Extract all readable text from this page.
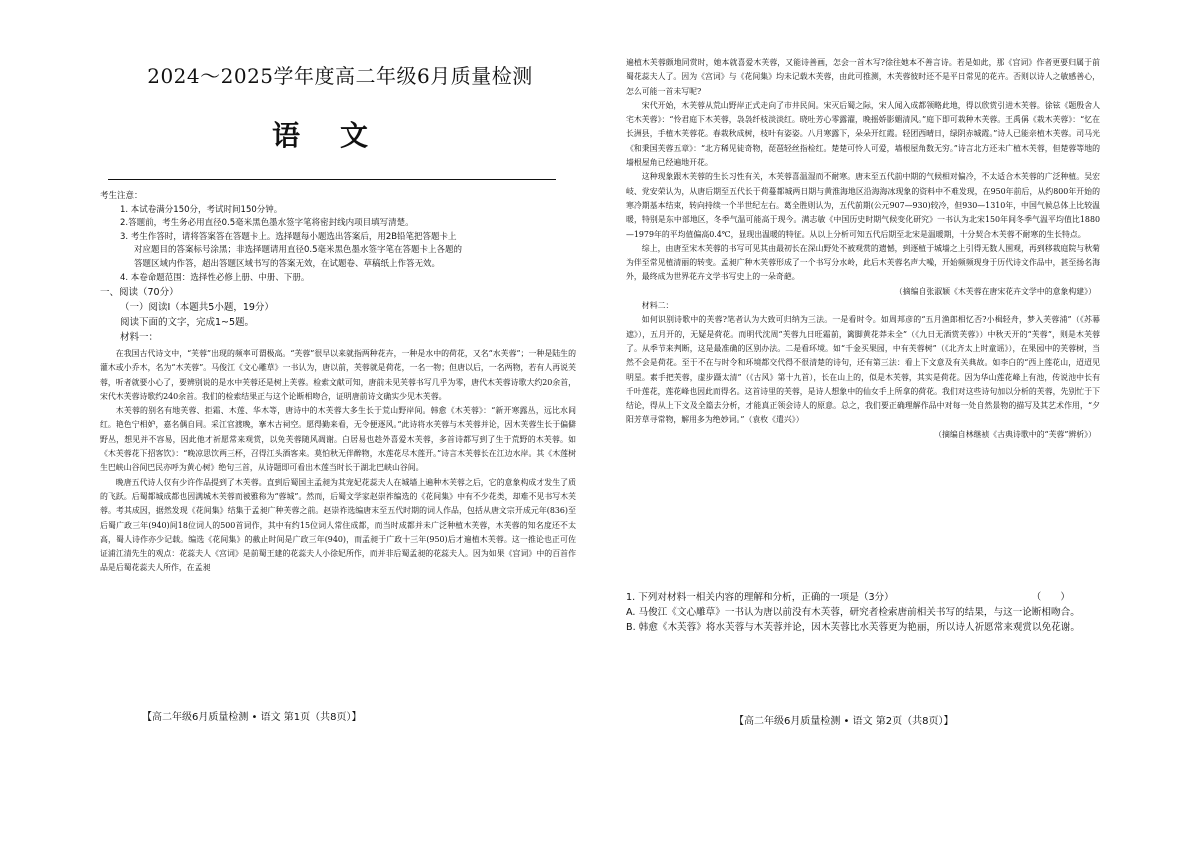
2024～2025学年度高二年级6月质量检测
语文
考生注意：
1. 本试卷满分150分，考试时间150分钟。
2.答题前，考生务必用直径0.5毫米黑色墨水签字笔将密封线内项目填写清楚。
3. 考生作答时，请将答案答在答题卡上。选择题每小题选出答案后，用2B铅笔把答题卡上
对应题目的答案标号涂黑；非选择题请用直径0.5毫米黑色墨水签字笔在答题卡上各题的
答题区域内作答，超出答题区域书写的答案无效，在试题卷、草稿纸上作答无效。
4. 本卷命题范围：选择性必修上册、中册、下册。
一、阅读（70分）
（一）阅读Ⅰ（本题共5小题，19分）
阅读下面的文字，完成1~5题。
材料一：

在我国古代诗文中，“芙蓉”出现的频率可谓极高。“芙蓉”很早以来就指两种花卉，一种是水中的荷花，又名“水芙蓉”；一种是陆生的灌木或小乔木，名为“木芙蓉”。马俊江《文心雕草》一书认为，唐以前，芙蓉就是荷花，一名一物；但唐以后，一名两物，若有人再说芙蓉，听者就要小心了，要辨别说的是水中芙蓉还是树上芙蓉。检索文献可知，唐前未见芙蓉书写几乎为零，唐代木芙蓉诗歌大约20余首，宋代木芙蓉诗歌约240余首。我们的检索结果正与这个论断相吻合，证明唐前诗文确实少见木芙蓉。

木芙蓉的别名有地芙蓉、拒霜、木莲、华木等，唐诗中的木芙蓉大多生长于荒山野岸间。韩愈《木芙蓉》：“新开寒露丛，远比水间红。艳色宁相妒，嘉名偶自同。采江官渡晚，搴木古祠空。愿得勤来看，无令便逐风。”此诗将水芙蓉与木芙蓉并论，因木芙蓉生长于偏僻野丛，想见并不容易，因此他才祈愿常来观赏，以免芙蓉随风凋谢。白居易也趁外喜爱木芙蓉，多首诗都写到了生于荒野的木芙蓉。如《木芙蓉花下招客饮》：“晚凉思饮两三杯，召得江头酒客来。莫怕秋无伴醉物，水莲花尽木莲开。”诗言木芙蓉长在江边水岸。其《木莲树生巴峡山谷间巴民亦呼为黄心树》绝句三首，从诗题即可看出木莲当时长于湖北巴峡山谷间。

晚唐五代诗人仅有少许作品提到了木芙蓉。直到后蜀国主孟昶为其宠妃花蕊夫人在城墙上遍种木芙蓉之后，它的意象构成才发生了质的飞跃。后蜀都城成都也因满城木芙蓉而被雅称为“蓉城”。然而，后蜀文学家赵崇祚编选的《花间集》中有不少花类，却难不见书写木芙蓉。考其成因，据然发现《花间集》结集于孟昶广种芙蓉之前。赵崇祚选编唐末至五代时期的词人作品，包括从唐文宗开成元年(836)至后蜀广政三年(940)间18位词人的500首词作，其中有约15位词人常住成都，而当时成都并未广泛种植木芙蓉，木芙蓉的知名度还不太高，蜀人诗作亦少记载。编选《花间集》的截止时间是广政三年(940)，而孟昶于广政十三年(950)后才遍植木芙蓉。这一推论也正可佐证浦江清先生的观点：花蕊夫人《宫词》是前蜀王建的花蕊夫人小徐妃所作，而并非后蜀孟昶的花蕊夫人。因为如果《宫词》中的百首作品是后蜀花蕊夫人所作，在孟昶

【高二年级6月质量检测 • 语文 第1页（共8页）】

遍植木芙蓉颇地同赏时，她本就喜爱木芙蓉，又能诗善画，怎会一首木写?徐往她本不善言诗。若是如此，那《宫词》作者更要归属于前蜀花蕊夫人了。因为《宫词》与《花间集》均未记载木芙蓉，由此可推测，木芙蓉彼时还不是平日常见的花卉。否则以诗人之敏感善心，怎么可能一首未写呢?

宋代开始，木芙蓉从荒山野岸正式走向了市井民间。宋灭后蜀之际，宋人闻入成都领略此地，得以欣赏引进木芙蓉。徐铉《题殷舍人宅木芙蓉》：“怜君庭下木芙蓉，袅袅纤枝淡淡红。晓吐芳心零露濯，晚摇娇影媚清风。”庭下即可栽种木芙蓉。王禹偁《栽木芙蓉》：“忆在长洲县，手植木芙蓉花。春栽秋成树，枝叶有姿姿。八月寒露下，朵朵开红霞。轻团西晴日，绿阴赤城霞。”诗人已能亲植木芙蓉。司马光《和秉国芙蓉五章》：“北方稀见徒奇物，琵琶轻丝指检红。楚楚可怜人可爱，墙根屋角数无穷。”诗言北方还未广植木芙蓉，但楚蓉等地的墙根屋角已经遍地开花。

这种现象跟木芙蓉的生长习性有关，木芙蓉喜温湿而不耐寒。唐末至五代前中期的气候相对偏冷，不太适合木芙蓉的广泛种植。吴宏岐、党安荣认为，从唐后期至五代长于荷蔓都城两日期与黄淮海地区沿海海冰现象的资料中不难发现，在950年前后，从约800年开始的寒冷期基本结束，转向持续一个半世纪左右。葛全胜则认为，五代前期(公元907—930)较冷，但930—1310年，中国气候总体上比较温暖，特别是东中部地区，冬季气温可能高于现今。满志敏《中国历史时期气候变化研究》一书认为北宋150年间冬季气温平均值比1880—1979年的平均值偏高0.4℃，显现出温暖的特征。从以上分析可知五代后期至北宋是温暖期，十分契合木芙蓉不耐寒的生长特点。

综上，由唐至宋木芙蓉的书写可见其由最初长在深山野处不被观赏的遗憾，到逐植于城墙之上引得无数人围观，再到移栽庭院与秋菊为伴至常见植清丽的转变。孟昶广种木芙蓉形成了一个书写分水岭，此后木芙蓉名声大噪，开始频频现身于历代诗文作品中，甚至扬名海外，最终成为世界花卉文学书写史上的一朵奇葩。

（摘编自张淑颖《木芙蓉在唐宋花卉文学中的意象构建》）

材料二：

如何识别诗歌中的芙蓉?笔者认为大致可归纳为三法。一是看时令。如周邦彦的“五月渔郎相忆否?小楫轻舟，梦入芙蓉浦”（《苏幕遮》），五月开的，无疑是荷花。而明代沈周“芙蓉九日旺霜前，篱脚黄花莽未全”（《九日无酒赏芙蓉》）中秋天开的“芙蓉”，则是木芙蓉了。从季节来判断，这是最准确的区别办法。二是看环境。如“千金买果园，中有芙蓉树”（《北齐太上时童谣》），在果园中的芙蓉树，当然不会是荷花。至于不在与时令和环境都交代得不很清楚的诗句，还有第三法：看上下文意及有关典故。如李白的“西上莲花山，迢迢见明星。素手把芙蓉，虚步蹑太清”（《古风》第十九首），长在山上的，似是木芙蓉，其实是荷花。因为华山莲花峰上有池，传说池中长有千叶莲花，莲花峰也因此而得名。这首诗里的芙蓉，是诗人想象中的仙女手上所拿的荷花。我们对这些诗句加以分析的芙蓉，先别忙于下结论，得从上下文及全篇去分析，才能真正领会诗人的原意。总之，我们要正确理解作品中对每一处自然景物的描写及其艺术作用，“夕阳芳草寻常物，解用多为绝妙词。”（袁枚《遣兴》）

（摘编自林继祯《古典诗歌中的“芙蓉”辨析》）

1. 下列对材料一相关内容的理解和分析，正确的一项是（3分）	（　　）
A. 马俊江《文心雕草》一书认为唐以前没有木芙蓉，研究者检索唐前相关书写的结果，与这一论断相吻合。
B. 韩愈《木芙蓉》将水芙蓉与木芙蓉并论，因木芙蓉比水芙蓉更为艳丽，所以诗人祈愿常来观赏以免花谢。
【高二年级6月质量检测 • 语文 第2页（共8页）】
